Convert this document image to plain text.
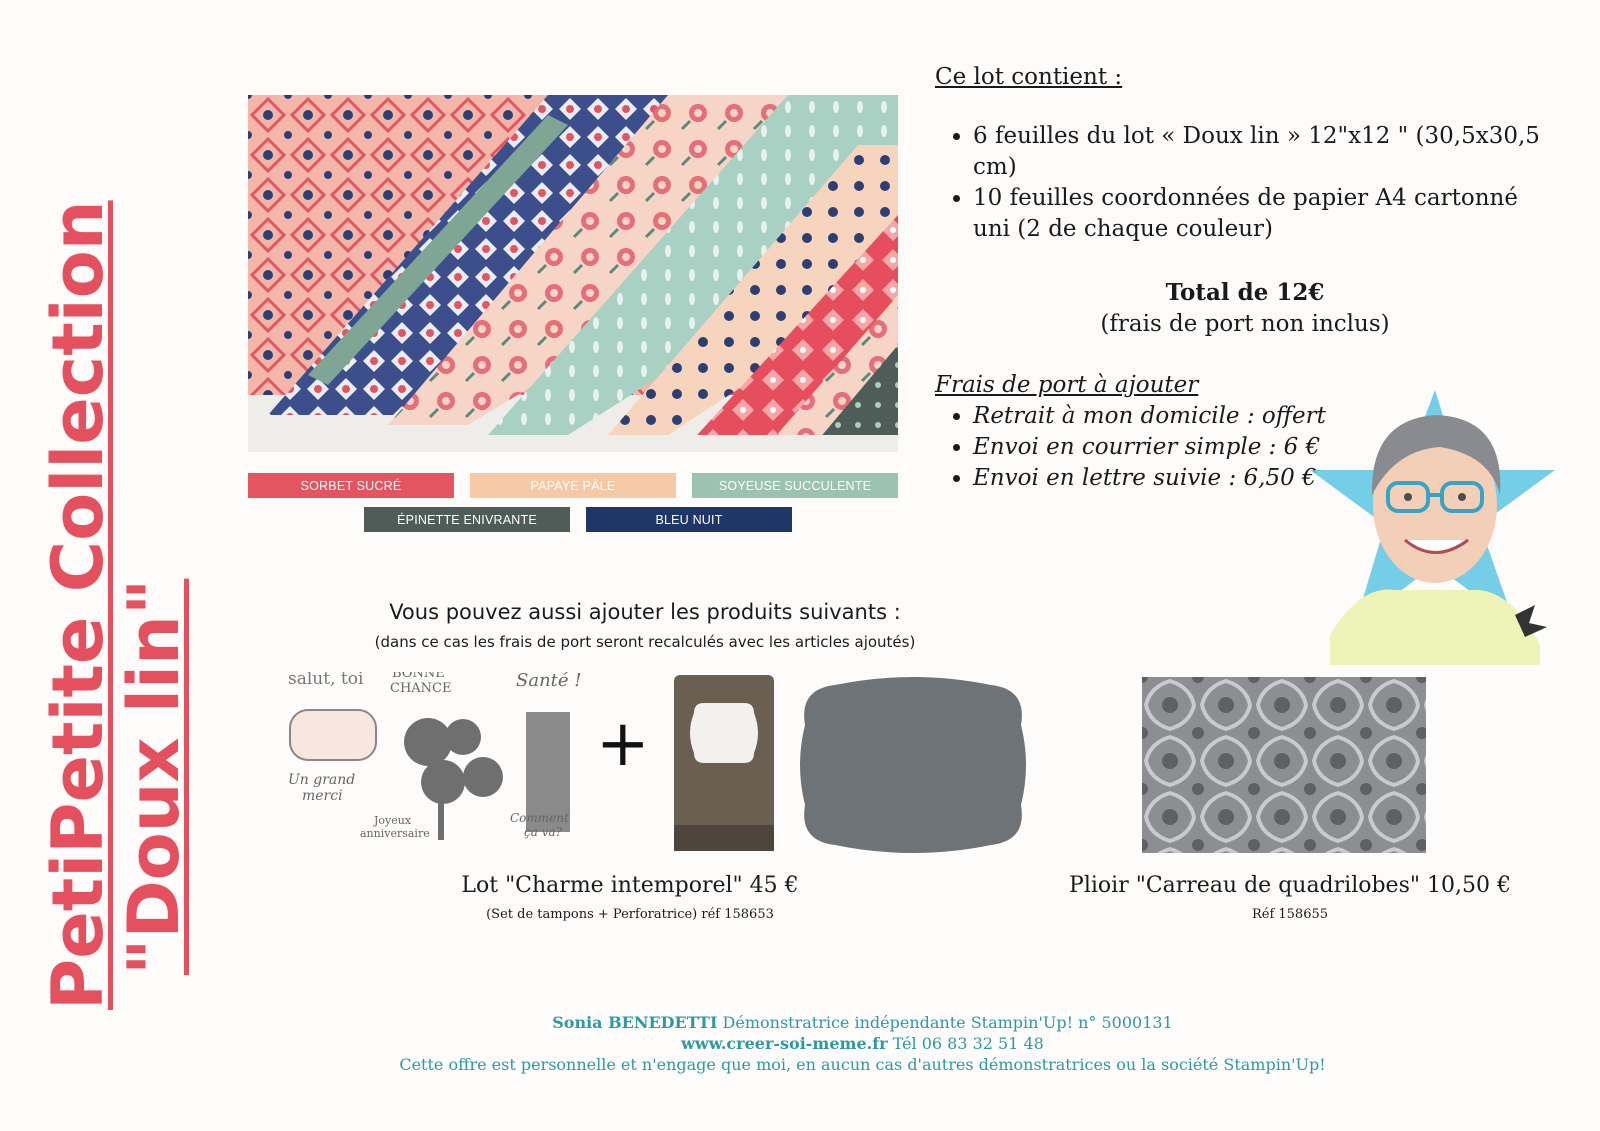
PetiPetite Collection
"Doux lin"
SORBET SUCRÉ	PAPAYE PÂLE	SOYEUSE SUCCULENTE
ÉPINETTE ENIVRANTE	BLEU NUIT
Ce lot contient :
• 6 feuilles du lot « Doux lin » 12"x12 " (30,5x30,5 cm)
• 10 feuilles coordonnées de papier A4 cartonné uni (2 de chaque couleur)
Total de 12€
(frais de port non inclus)
Frais de port à ajouter
• Retrait à mon domicile : offert
• Envoi en courrier simple : 6 €
• Envoi en lettre suivie : 6,50 €
Vous pouvez aussi ajouter les produits suivants :
(dans ce cas les frais de port seront recalculés avec les articles ajoutés)
salut, toi BONNE
CHANCE	Santé !
Un grand
merci
Joyeux
anniversaire
Comment
ça va?
+
Lot "Charme intemporel" 45 €
(Set de tampons + Perforatrice) réf 158653
Plioir "Carreau de quadrilobes" 10,50 €
Réf 158655
Sonia BENEDETTI Démonstratrice indépendante Stampin'Up! n° 5000131
www.creer-soi-meme.fr Tél 06 83 32 51 48
Cette offre est personnelle et n'engage que moi, en aucun cas d'autres démonstratrices ou la société Stampin'Up!
